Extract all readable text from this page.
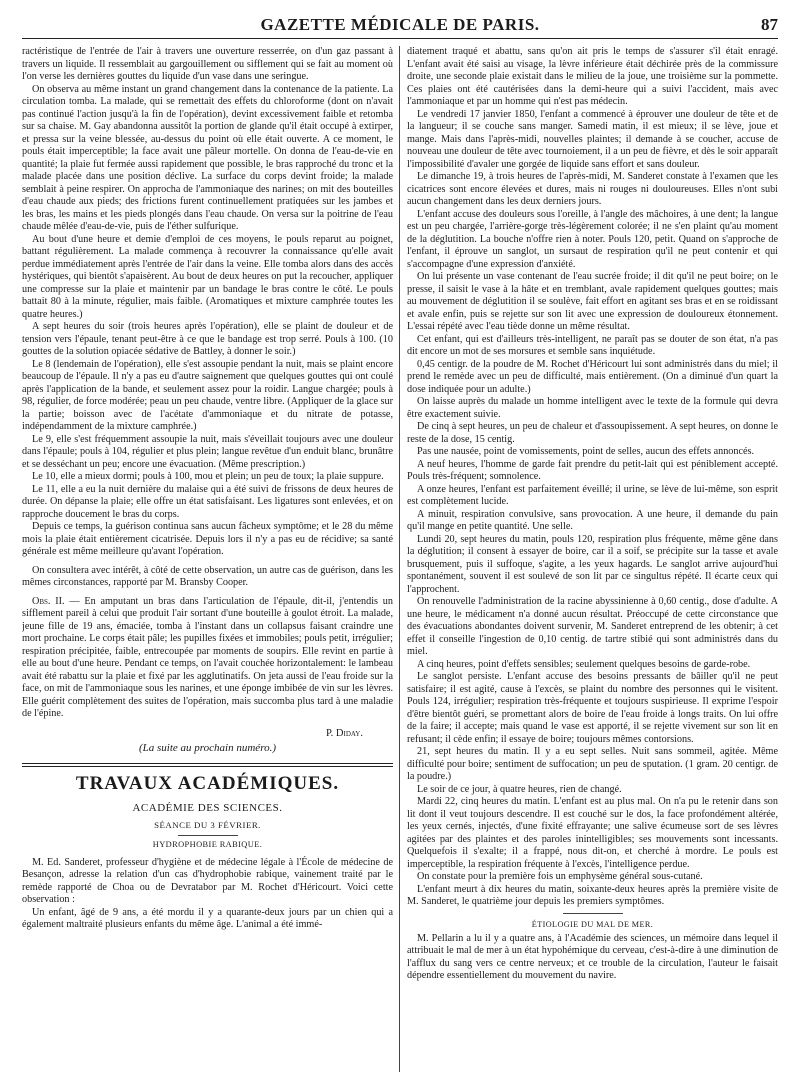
GAZETTE MÉDICALE DE PARIS.	87

ractéristique de l'entrée de l'air à travers une ouverture resserrée, on d'un gaz passant à travers un liquide. Il ressemblait au gargouillement ou sifflement qui se fait au moment où l'on verse les dernières gouttes du liquide d'un vase dans une seringue.

On observa au même instant un grand changement dans la contenance de la patiente. La circulation tomba. La malade, qui se remettait des effets du chloroforme (dont on n'avait pas continué l'action jusqu'à la fin de l'opération), devint excessivement faible et retomba sur sa chaise. M. Gay abandonna aussitôt la portion de glande qu'il était occupé à extirper, et pressa sur la veine blessée, au-dessus du point où elle était ouverte. A ce moment, le pouls était imperceptible; la face avait une pâleur mortelle. On donna de l'eau-de-vie en quantité; la plaie fut fermée aussi rapidement que possible, le bras rapproché du tronc et la malade placée dans une position déclive. La surface du corps devint froide; la malade semblait à peine respirer. On approcha de l'ammoniaque des narines; on mit des bouteilles d'eau chaude aux pieds; des frictions furent continuellement pratiquées sur les jambes et les bras, les mains et les pieds plongés dans l'eau chaude. On versa sur la poitrine de l'eau chaude mêlée d'eau-de-vie, puis de l'éther sulfurique.

Au bout d'une heure et demie d'emploi de ces moyens, le pouls reparut au poignet, battant régulièrement. La malade commença à recouvrer la connaissance qu'elle avait perdue immédiatement après l'entrée de l'air dans la veine. Elle tomba alors dans des accès hystériques, qui bientôt s'apaisèrent. Au bout de deux heures on put la recoucher, appliquer une compresse sur la plaie et maintenir par un bandage le bras contre le côté. Le pouls battait 80 à la minute, régulier, mais faible. (Aromatiques et mixture camphrée toutes les quatre heures.)

A sept heures du soir (trois heures après l'opération), elle se plaint de douleur et de tension vers l'épaule, tenant peut-être à ce que le bandage est trop serré. Pouls à 100. (10 gouttes de la solution opiacée sédative de Battley, à donner le soir.)

Le 8 (lendemain de l'opération), elle s'est assoupie pendant la nuit, mais se plaint encore beaucoup de l'épaule. Il n'y a pas eu d'autre saignement que quelques gouttes qui ont coulé après l'application de la bande, et seulement assez pour la roidir. Langue chargée; pouls à 98, régulier, de force modérée; peau un peu chaude, ventre libre. (Appliquer de la glace sur la partie; boisson avec de l'acétate d'ammoniaque et du nitrate de potasse, indépendamment de la mixture camphrée.)

Le 9, elle s'est fréquemment assoupie la nuit, mais s'éveillait toujours avec une douleur dans l'épaule; pouls à 104, régulier et plus plein; langue revêtue d'un enduit blanc, brunâtre et se desséchant un peu; encore une évacuation. (Même prescription.)

Le 10, elle a mieux dormi; pouls à 100, mou et plein; un peu de toux; la plaie suppure.

Le 11, elle a eu la nuit dernière du malaise qui a été suivi de frissons de deux heures de durée. On dépanse la plaie; elle offre un état satisfaisant. Les ligatures sont enlevées, et on rapproche doucement le bras du corps.

Depuis ce temps, la guérison continua sans aucun fâcheux symptôme; et le 28 du même mois la plaie était entièrement cicatrisée. Depuis lors il n'y a pas eu de récidive; sa santé générale est même meilleure qu'avant l'opération.

On consultera avec intérêt, à côté de cette observation, un autre cas de guérison, dans les mêmes circonstances, rapporté par M. Bransby Cooper.

Obs. II. — En amputant un bras dans l'articulation de l'épaule, dit-il, j'entendis un sifflement pareil à celui que produit l'air sortant d'une bouteille à goulot étroit. La malade, jeune fille de 19 ans, émaciée, tomba à l'instant dans un collapsus faisant craindre une mort prochaine. Le corps était pâle; les pupilles fixées et immobiles; pouls petit, irrégulier; respiration précipitée, faible, entrecoupée par moments de soupirs. Elle revint en partie à elle au bout d'une heure. Pendant ce temps, on l'avait couchée horizontalement: le lambeau avait été rabattu sur la plaie et fixé par les agglutinatifs. On jeta aussi de l'eau froide sur la face, on mit de l'ammoniaque sous les narines, et une éponge imbibée de vin sur les lèvres. Elle guérit complètement des suites de l'opération, mais succomba plus tard à une maladie de l'épine.

P. Diday.
(La suite au prochain numéro.)
TRAVAUX ACADÉMIQUES.
ACADÉMIE DES SCIENCES.
SÉANCE DU 3 FÉVRIER.
HYDROPHOBIE RABIQUE.

M. Ed. Sanderet, professeur d'hygiène et de médecine légale à l'École de médecine de Besançon, adresse la relation d'un cas d'hydrophobie rabique, vainement traité par le remède rapporté de Choa ou de Devratabor par M. Rochet d'Héricourt. Voici cette observation :

Un enfant, âgé de 9 ans, a été mordu il y a quarante-deux jours par un chien qui a également maltraité plusieurs enfants du même âge. L'animal a été immé-

diatement traqué et abattu, sans qu'on ait pris le temps de s'assurer s'il était enragé. L'enfant avait été saisi au visage, la lèvre inférieure était déchirée près de la commissure droite, une seconde plaie existait dans le milieu de la joue, une troisième sur la pommette. Ces plaies ont été cautérisées dans la demi-heure qui a suivi l'accident, mais avec l'ammoniaque et par un homme qui n'est pas médecin.

Le vendredi 17 janvier 1850, l'enfant a commencé à éprouver une douleur de tête et de la langueur; il se couche sans manger. Samedi matin, il est mieux; il se lève, joue et mange. Mais dans l'après-midi, nouvelles plaintes; il demande à se coucher, accuse de nouveau une douleur de tête avec tournoiement, il a un peu de fièvre, et dès le soir apparaît l'impossibilité d'avaler une gorgée de liquide sans effort et sans douleur.

Le dimanche 19, à trois heures de l'après-midi, M. Sanderet constate à l'examen que les cicatrices sont encore élevées et dures, mais ni rouges ni douloureuses. Elles n'ont subi aucun changement dans les deux derniers jours.

L'enfant accuse des douleurs sous l'oreille, à l'angle des mâchoires, à une dent; la langue est un peu chargée, l'arrière-gorge très-légèrement colorée; il ne s'en plaint qu'au moment de la déglutition. La bouche n'offre rien à noter. Pouls 120, petit. Quand on s'approche de l'enfant, il éprouve un sanglot, un sursaut de respiration qu'il ne peut contenir et qui s'accompagne d'une expression d'anxiété.

On lui présente un vase contenant de l'eau sucrée froide; il dit qu'il ne peut boire; on le presse, il saisit le vase à la hâte et en tremblant, avale rapidement quelques gouttes; mais au mouvement de déglutition il se soulève, fait effort en agitant ses bras et en se roidissant et avale enfin, puis se rejette sur son lit avec une expression de douloureux étonnement. L'essai répété avec l'eau tiède donne un même résultat.

Cet enfant, qui est d'ailleurs très-intelligent, ne paraît pas se douter de son état, n'a pas dit encore un mot de ses morsures et semble sans inquiétude.

0,45 centigr. de la poudre de M. Rochet d'Héricourt lui sont administrés dans du miel; il prend le remède avec un peu de difficulté, mais entièrement. (On a diminué d'un quart la dose indiquée pour un adulte.)

On laisse auprès du malade un homme intelligent avec le texte de la formule qui devra être exactement suivie.

De cinq à sept heures, un peu de chaleur et d'assoupissement. A sept heures, on donne le reste de la dose, 15 centig.

Pas une nausée, point de vomissements, point de selles, aucun des effets annoncés.

A neuf heures, l'homme de garde fait prendre du petit-lait qui est péniblement accepté. Pouls très-fréquent; somnolence.

A onze heures, l'enfant est parfaitement éveillé; il urine, se lève de lui-même, son esprit est complètement lucide.

A minuit, respiration convulsive, sans provocation. A une heure, il demande du pain qu'il mange en petite quantité. Une selle.

Lundi 20, sept heures du matin, pouls 120, respiration plus fréquente, même gêne dans la déglutition; il consent à essayer de boire, car il a soif, se précipite sur la tasse et avale brusquement, puis il suffoque, s'agite, a les yeux hagards. Le sanglot arrive aujourd'hui spontanément, souvent il est soulevé de son lit par ce singultus répété. Il écarte ceux qui l'approchent.

On renouvelle l'administration de la racine abyssinienne à 0,60 centig., dose d'adulte. A une heure, le médicament n'a donné aucun résultat. Préoccupé de cette circonstance que des évacuations abondantes doivent survenir, M. Sanderet entreprend de les obtenir; à cet effet il conseille l'ingestion de 0,10 centig. de tartre stibié qui sont administrés dans du miel.

A cinq heures, point d'effets sensibles; seulement quelques besoins de garde-robe.

Le sanglot persiste. L'enfant accuse des besoins pressants de bâiller qu'il ne peut satisfaire; il est agité, cause à l'excès, se plaint du nombre des personnes qui le visitent. Pouls 124, irrégulier; respiration très-fréquente et toujours suspirieuse. Il exprime l'espoir d'être bientôt guéri, se promettant alors de boire de l'eau froide à longs traits. On lui offre de la faire; il accepte; mais quand le vase est apporté, il se rejette vivement sur son lit en refusant; il cède enfin; il essaye de boire; toujours mêmes contorsions.

21, sept heures du matin. Il y a eu sept selles. Nuit sans sommeil, agitée. Même difficulté pour boire; sentiment de suffocation; un peu de sputation. (1 gram. 20 centigr. de la poudre.)

Le soir de ce jour, à quatre heures, rien de changé.

Mardi 22, cinq heures du matin. L'enfant est au plus mal. On n'a pu le retenir dans son lit dont il veut toujours descendre. Il est couché sur le dos, la face profondément altérée, les yeux cernés, injectés, d'une fixité effrayante; une salive écumeuse sort de ses lèvres agitées par des plaintes et des paroles inintelligibles; ses mouvements sont incessants. Quelquefois il s'exalte; il a frappé, nous dit-on, et cherché à mordre. Le pouls est imperceptible, la respiration fréquente à l'excès, l'intelligence perdue.

On constate pour la première fois un emphysème général sous-cutané.

L'enfant meurt à dix heures du matin, soixante-deux heures après la première visite de M. Sanderet, le quatrième jour depuis les premiers symptômes.

ÉTIOLOGIE DU MAL DE MER.

M. Pellarin a lu il y a quatre ans, à l'Académie des sciences, un mémoire dans lequel il attribuait le mal de mer à un état hypohémique du cerveau, c'est-à-dire à une diminution de l'afflux du sang vers ce centre nerveux; et ce trouble de la circulation, l'auteur le faisait dépendre essentiellement du mouvement du navire.
